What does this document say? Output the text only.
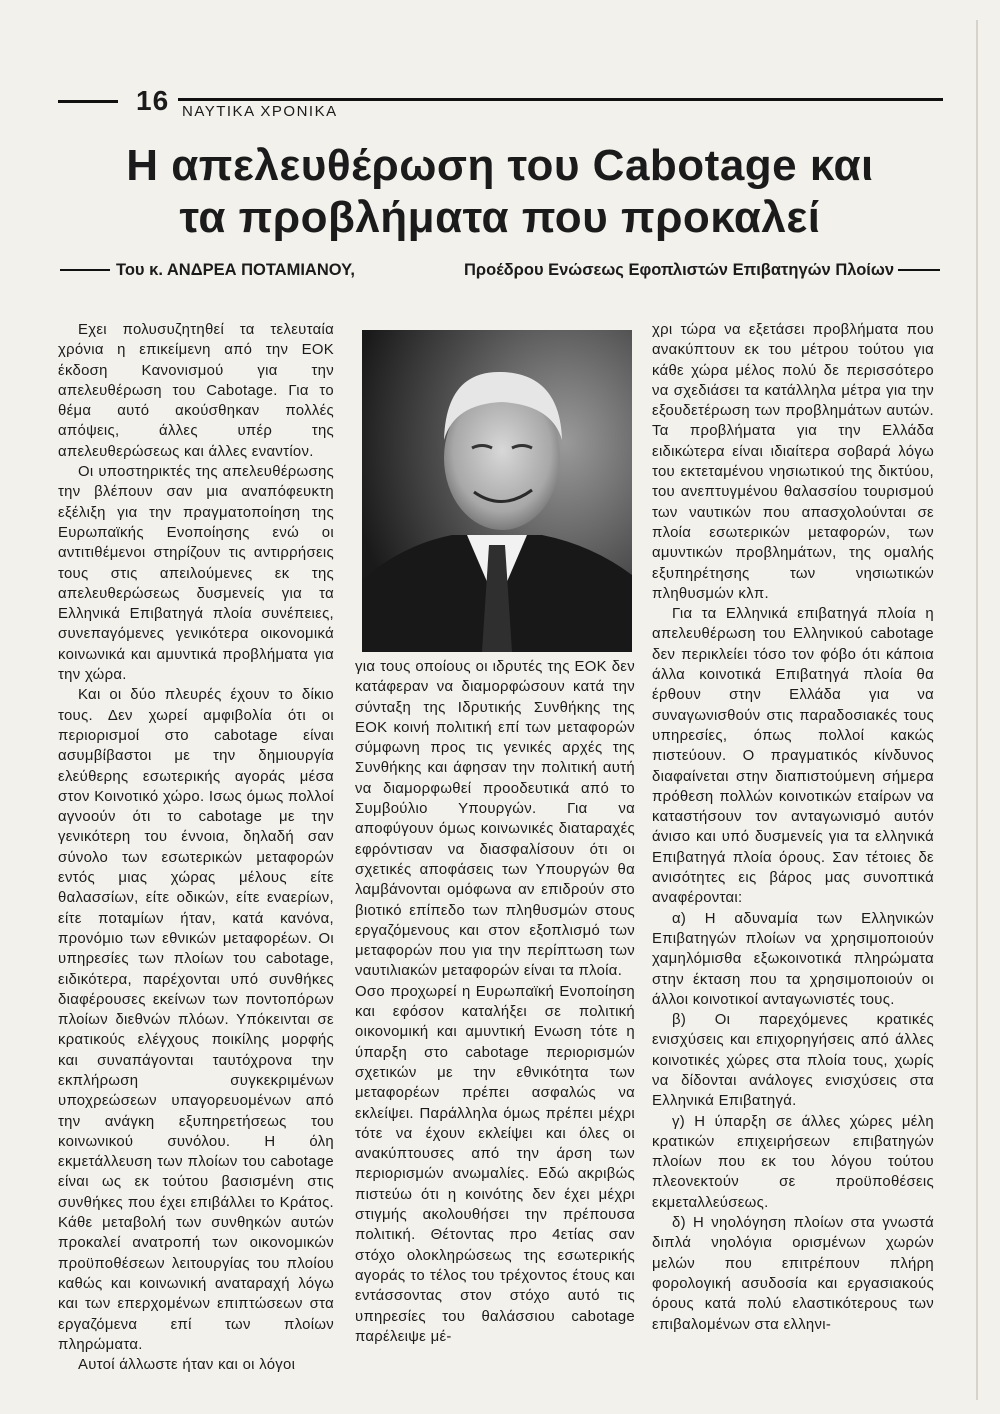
16 ΝΑΥΤΙΚΑ ΧΡΟΝΙΚΑ
Η απελευθέρωση του Cabotage και
τα προβλήματα που προκαλεί
Του κ. ΑΝΔΡΕΑ ΠΟΤΑΜΙΑΝΟΥ,	Προέδρου Ενώσεως Εφοπλιστών Επιβατηγών Πλοίων

Εχει πολυσυζητηθεί τα τελευταία χρόνια η επικείμενη από την ΕΟΚ έκδοση Κανονισμού για την απελευθέρωση του Cabotage. Για το θέμα αυτό ακούσθηκαν πολλές απόψεις, άλλες υπέρ της απελευθερώσεως και άλλες εναντίον.

Οι υποστηρικτές της απελευθέρωσης την βλέπουν σαν μια αναπόφευκτη εξέλιξη για την πραγματοποίηση της Ευρωπαϊκής Ενοποίησης ενώ οι αντιτιθέμενοι στηρίζουν τις αντιρρήσεις τους στις απειλούμενες εκ της απελευθερώσεως δυσμενείς για τα Ελληνικά Επιβατηγά πλοία συνέπειες, συνεπαγόμενες γενικότερα οικονομικά κοινωνικά και αμυντικά προβλήματα για την χώρα.

Και οι δύο πλευρές έχουν το δίκιο τους. Δεν χωρεί αμφιβολία ότι οι περιορισμοί στο cabotage είναι ασυμβίβαστοι με την δημιουργία ελεύθερης εσωτερικής αγοράς μέσα στον Κοινοτικό χώρο. Ισως όμως πολλοί αγνοούν ότι το cabotage με την γενικότερη του έννοια, δηλαδή σαν σύνολο των εσωτερικών μεταφορών εντός μιας χώρας μέλους είτε θαλασσίων, είτε οδικών, είτε εναερίων, είτε ποταμίων ήταν, κατά κανόνα, προνόμιο των εθνικών μεταφορέων. Οι υπηρεσίες των πλοίων του cabotage, ειδικότερα, παρέχονται υπό συνθήκες διαφέρουσες εκείνων των ποντοπόρων πλοίων διεθνών πλόων. Υπόκεινται σε κρατικούς ελέγχους ποικίλης μορφής και συναπάγονται ταυτόχρονα την εκπλήρωση συγκεκριμένων υποχρεώσεων υπαγορευομένων από την ανάγκη εξυπηρετήσεως του κοινωνικού συνόλου. Η όλη εκμετάλλευση των πλοίων του cabotage είναι ως εκ τούτου βασισμένη στις συνθήκες που έχει επιβάλλει το Κράτος. Κάθε μεταβολή των συνθηκών αυτών προκαλεί ανατροπή των οικονομικών προϋποθέσεων λειτουργίας του πλοίου καθώς και κοινωνική αναταραχή λόγω και των επερχομένων επιπτώσεων στα εργαζόμενα επί των πλοίων πληρώματα.

Αυτοί άλλωστε ήταν και οι λόγοι

για τους οποίους οι ιδρυτές της ΕΟΚ δεν κατάφεραν να διαμορφώσουν κατά την σύνταξη της Ιδρυτικής Συνθήκης της ΕΟΚ κοινή πολιτική επί των μεταφορών σύμφωνη προς τις γενικές αρχές της Συνθήκης και άφησαν την πολιτική αυτή να διαμορφωθεί προοδευτικά από το Συμβούλιο Υπουργών. Για να αποφύγουν όμως κοινωνικές διαταραχές εφρόντισαν να διασφαλίσουν ότι οι σχετικές αποφάσεις των Υπουργών θα λαμβάνονται ομόφωνα αν επιδρούν στο βιοτικό επίπεδο των πληθυσμών στους εργαζόμενους και στον εξοπλισμό των μεταφορών που για την περίπτωση των ναυτιλιακών μεταφορών είναι τα πλοία.

Οσο προχωρεί η Ευρωπαϊκή Ενοποίηση και εφόσον καταλήξει σε πολιτική οικονομική και αμυντική Ενωση τότε η ύπαρξη στο cabotage περιορισμών σχετικών με την εθνικότητα των μεταφορέων πρέπει ασφαλώς να εκλείψει. Παράλληλα όμως πρέπει μέχρι τότε να έχουν εκλείψει και όλες οι ανακύπτουσες από την άρση των περιορισμών ανωμαλίες. Εδώ ακριβώς πιστεύω ότι η κοινότης δεν έχει μέχρι στιγμής ακολουθήσει την πρέπουσα πολιτική. Θέτοντας προ 4ετίας σαν στόχο ολοκληρώσεως της εσωτερικής αγοράς το τέλος του τρέχοντος έτους και εντάσσοντας στον στόχο αυτό τις υπηρεσίες του θαλάσσιου cabotage παρέλειψε μέ-

χρι τώρα να εξετάσει προβλήματα που ανακύπτουν εκ του μέτρου τούτου για κάθε χώρα μέλος πολύ δε περισσότερο να σχεδιάσει τα κατάλληλα μέτρα για την εξουδετέρωση των προβλημάτων αυτών. Τα προβλήματα για την Ελλάδα ειδικώτερα είναι ιδιαίτερα σοβαρά λόγω του εκτεταμένου νησιωτικού της δικτύου, του ανεπτυγμένου θαλασσίου τουρισμού των ναυτικών που απασχολούνται σε πλοία εσωτερικών μεταφορών, των αμυντικών προβλημάτων, της ομαλής εξυπηρέτησης των νησιωτικών πληθυσμών κλπ.

Για τα Ελληνικά επιβατηγά πλοία η απελευθέρωση του Ελληνικού cabotage δεν περικλείει τόσο τον φόβο ότι κάποια άλλα κοινοτικά Επιβατηγά πλοία θα έρθουν στην Ελλάδα για να συναγωνισθούν στις παραδοσιακές τους υπηρεσίες, όπως πολλοί κακώς πιστεύουν. Ο πραγματικός κίνδυνος διαφαίνεται στην διαπιστούμενη σήμερα πρόθεση πολλών κοινοτικών εταίρων να καταστήσουν τον ανταγωνισμό αυτόν άνισο και υπό δυσμενείς για τα ελληνικά Επιβατηγά πλοία όρους. Σαν τέτοιες δε ανισότητες εις βάρος μας συνοπτικά αναφέρονται:

α) Η αδυναμία των Ελληνικών Επιβατηγών πλοίων να χρησιμοποιούν χαμηλόμισθα εξωκοινοτικά πληρώματα στην έκταση που τα χρησιμοποιούν οι άλλοι κοινοτικοί ανταγωνιστές τους.

β) Οι παρεχόμενες κρατικές ενισχύσεις και επιχορηγήσεις από άλλες κοινοτικές χώρες στα πλοία τους, χωρίς να δίδονται ανάλογες ενισχύσεις στα Ελληνικά Επιβατηγά.

γ) Η ύπαρξη σε άλλες χώρες μέλη κρατικών επιχειρήσεων επιβατηγών πλοίων που εκ του λόγου τούτου πλεονεκτούν σε προϋποθέσεις εκμεταλλεύσεως.

δ) Η νηολόγηση πλοίων στα γνωστά διπλά νηολόγια ορισμένων χωρών μελών που επιτρέπουν πλήρη φορολογική ασυδοσία και εργασιακούς όρους κατά πολύ ελαστικότερους των επιβαλομένων στα ελληνι-
